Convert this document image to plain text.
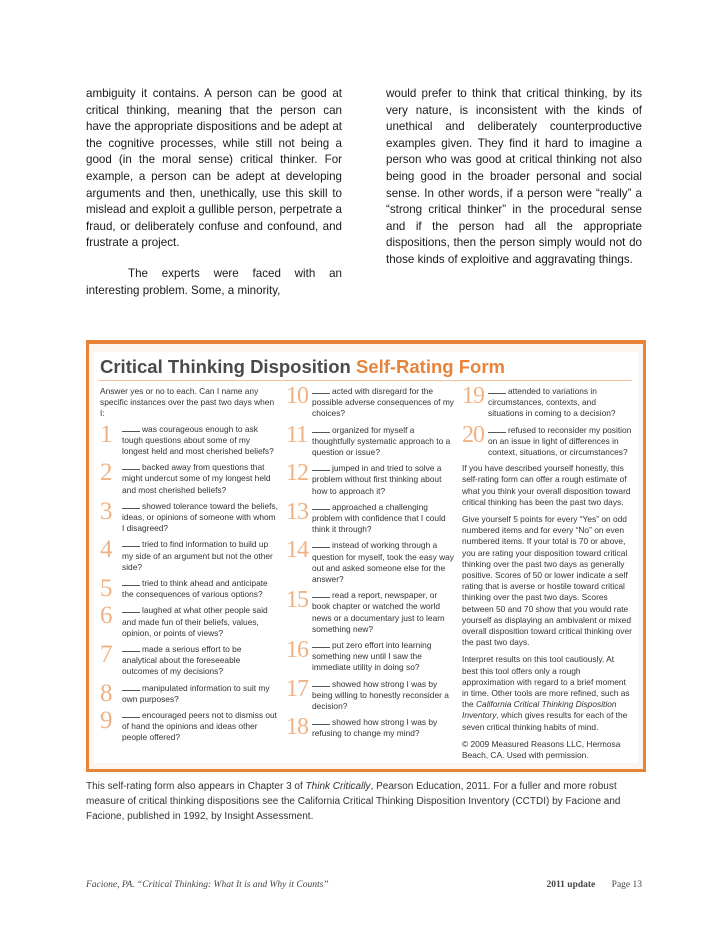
ambiguity it contains. A person can be good at critical thinking, meaning that the person can have the appropriate dispositions and be adept at the cognitive processes, while still not being a good (in the moral sense) critical thinker. For example, a person can be adept at developing arguments and then, unethically, use this skill to mislead and exploit a gullible person, perpetrate a fraud, or deliberately confuse and confound, and frustrate a project.

The experts were faced with an interesting problem. Some, a minority,

would prefer to think that critical thinking, by its very nature, is inconsistent with the kinds of unethical and deliberately counterproductive examples given. They find it hard to imagine a person who was good at critical thinking not also being good in the broader personal and social sense. In other words, if a person were “really” a “strong critical thinker” in the procedural sense and if the person had all the appropriate dispositions, then the person simply would not do those kinds of exploitive and aggravating things.

Critical Thinking Disposition Self-Rating Form
Answer yes or no to each. Can I name any specific instances over the past two days when I:
1	was courageous enough to ask tough questions about some of my longest held and most cherished beliefs?
2	backed away from questions that might undercut some of my longest held and most cherished beliefs?
3	showed tolerance toward the beliefs, ideas, or opinions of someone with whom I disagreed?
4	tried to find information to build up my side of an argument but not the other side?
5	tried to think ahead and anticipate the consequences of various options?
6	laughed at what other people said and made fun of their beliefs, values, opinion, or points of views?
7	made a serious effort to be analytical about the foreseeable outcomes of my decisions?
8	manipulated information to suit my own purposes?
9	encouraged peers not to dismiss out of hand the opinions and ideas other people offered?
10	acted with disregard for the possible adverse consequences of my choices?
11	organized for myself a thoughtfully systematic approach to a question or issue?
12	jumped in and tried to solve a problem without first thinking about how to approach it?
13	approached a challenging problem with confidence that I could think it through?
14	instead of working through a question for myself, took the easy way out and asked someone else for the answer?
15	read a report, newspaper, or book chapter or watched the world news or a documentary just to learn something new?
16	put zero effort into learning something new until I saw the immediate utility in doing so?
17	showed how strong I was by being willing to honestly reconsider a decision?
18	showed how strong I was by refusing to change my mind?
19	attended to variations in circumstances, contexts, and situations in coming to a decision?
20	refused to reconsider my position on an issue in light of differences in context, situations, or circumstances?
If you have described yourself honestly, this self-rating form can offer a rough estimate of what you think your overall disposition toward critical thinking has been the past two days.
Give yourself 5 points for every “Yes” on odd numbered items and for every “No” on even numbered items. If your total is 70 or above, you are rating your disposition toward critical thinking over the past two days as generally positive. Scores of 50 or lower indicate a self rating that is averse or hostile toward critical thinking over the past two days. Scores between 50 and 70 show that you would rate yourself as displaying an ambivalent or mixed overall disposition toward critical thinking over the past two days.
Interpret results on this tool cautiously. At best this tool offers only a rough approximation with regard to a brief moment in time. Other tools are more refined, such as the California Critical Thinking Disposition Inventory, which gives results for each of the seven critical thinking habits of mind.
© 2009 Measured Reasons LLC, Hermosa Beach, CA. Used with permission.
This self-rating form also appears in Chapter 3 of Think Critically, Pearson Education, 2011. For a fuller and more robust measure of critical thinking dispositions see the California Critical Thinking Disposition Inventory (CCTDI) by Facione and Facione, published in 1992, by Insight Assessment.
Facione, PA. “Critical Thinking: What It is and Why it Counts”	2011 update Page 13
